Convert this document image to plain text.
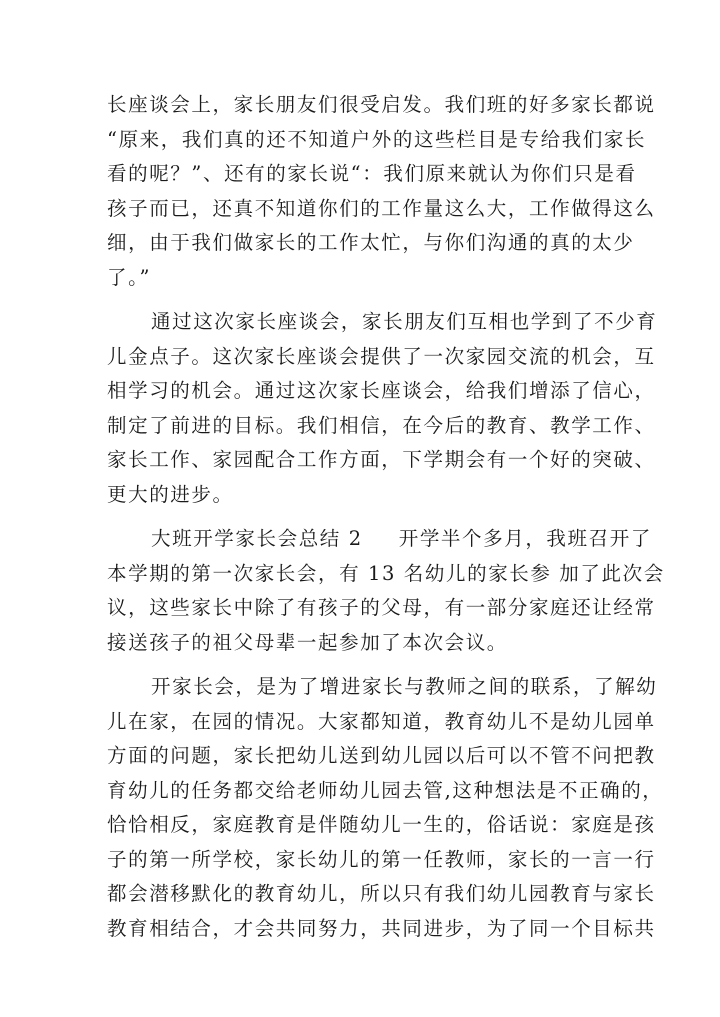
长座谈会上，家长朋友们很受启发。我们班的好多家长都说
“原来，我们真的还不知道户外的这些栏目是专给我们家长
看的呢？”、还有的家长说“：我们原来就认为你们只是看
孩子而已，还真不知道你们的工作量这么大，工作做得这么
细，由于我们做家长的工作太忙，与你们沟通的真的太少
了。”

通过这次家长座谈会，家长朋友们互相也学到了不少育
儿金点子。这次家长座谈会提供了一次家园交流的机会，互
相学习的机会。通过这次家长座谈会，给我们增添了信心，
制定了前进的目标。我们相信，在今后的教育、教学工作、
家长工作、家园配合工作方面，下学期会有一个好的突破、
更大的进步。

大班开学家长会总结 2 开学半个多月，我班召开了
本学期的第一次家长会，有 13 名幼儿的家长参 加了此次会
议，这些家长中除了有孩子的父母，有一部分家庭还让经常
接送孩子的祖父母辈一起参加了本次会议。

开家长会，是为了增进家长与教师之间的联系，了解幼
儿在家，在园的情况。大家都知道，教育幼儿不是幼儿园单
方面的问题，家长把幼儿送到幼儿园以后可以不管不问把教
育幼儿的任务都交给老师幼儿园去管,这种想法是不正确的，
恰恰相反，家庭教育是伴随幼儿一生的，俗话说：家庭是孩
子的第一所学校，家长幼儿的第一任教师，家长的一言一行
都会潜移默化的教育幼儿，所以只有我们幼儿园教育与家长
教育相结合，才会共同努力，共同进步，为了同一个目标共
